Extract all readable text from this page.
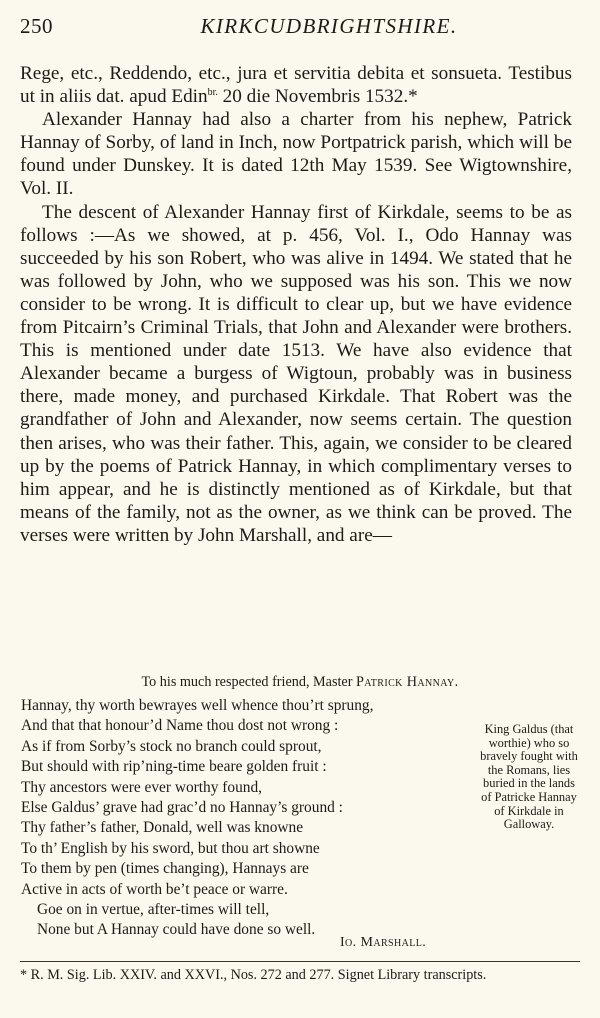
250	KIRKCUDBRIGHTSHIRE.

Rege, etc., Reddendo, etc., jura et servitia debita et sonsueta. Testibus ut in aliis dat. apud Edin$^{br.}$ 20 die Novembris 1532.*

Alexander Hannay had also a charter from his nephew, Patrick Hannay of Sorby, of land in Inch, now Portpatrick parish, which will be found under Dunskey. It is dated 12th May 1539. See Wigtownshire, Vol. II.

The descent of Alexander Hannay first of Kirkdale, seems to be as follows :—As we showed, at p. 456, Vol. I., Odo Hannay was succeeded by his son Robert, who was alive in 1494. We stated that he was followed by John, who we supposed was his son. This we now consider to be wrong. It is difficult to clear up, but we have evidence from Pitcairn’s Criminal Trials, that John and Alexander were brothers. This is mentioned under date 1513. We have also evidence that Alexander became a burgess of Wigtoun, probably was in business there, made money, and purchased Kirkdale. That Robert was the grandfather of John and Alexander, now seems certain. The question then arises, who was their father. This, again, we consider to be cleared up by the poems of Patrick Hannay, in which complimentary verses to him appear, and he is distinctly mentioned as of Kirkdale, but that means of the family, not as the owner, as we think can be proved. The verses were written by John Marshall, and are—

To his much respected friend, Master Patrick Hannay.
Hannay, thy worth bewrayes well whence thou’rt sprung,
And that that honour’d Name thou dost not wrong :
As if from Sorby’s stock no branch could sprout,
But should with rip’ning-time beare golden fruit :
Thy ancestors were ever worthy found,
Else Galdus’ grave had grac’d no Hannay’s ground :
Thy father’s father, Donald, well was knowne
To th’ English by his sword, but thou art showne
To them by pen (times changing), Hannays are
Active in acts of worth be’t peace or warre.
Goe on in vertue, after-times will tell,
None but A Hannay could have done so well.
Io. Marshall.
King Galdus (that worthie) who so bravely fought with the Romans, lies buried in the lands of Patricke Hannay of Kirkdale in Galloway.
* R. M. Sig. Lib. XXIV. and XXVI., Nos. 272 and 277. Signet Library transcripts.
